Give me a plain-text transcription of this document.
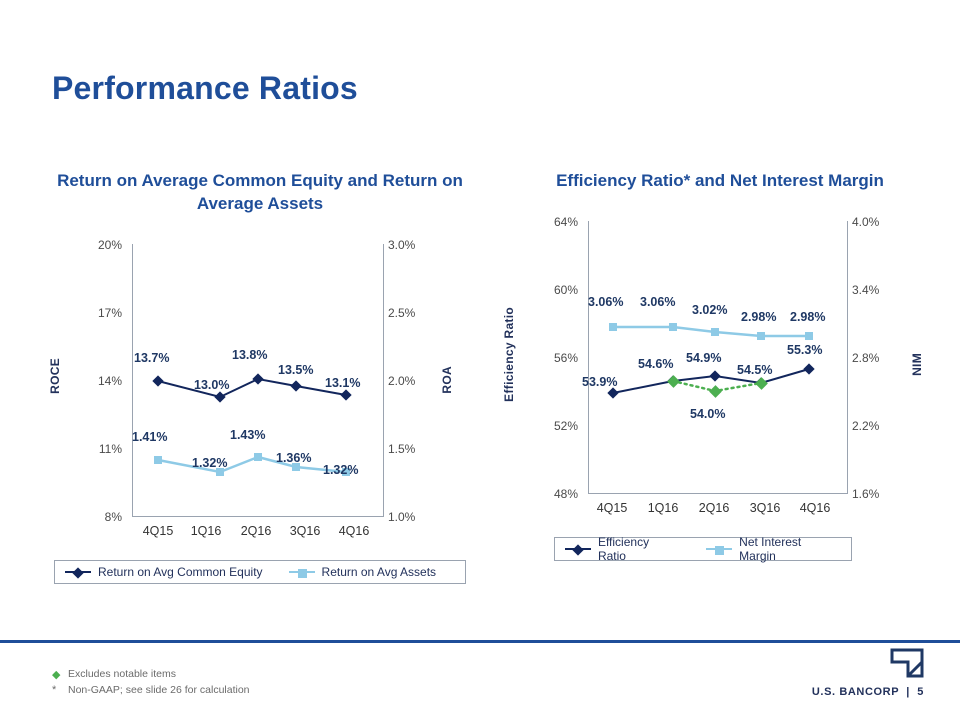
Performance Ratios
Return on Average Common Equity and Return on Average Assets
ROCE	ROA
20%
17%
14%
11%
8%
3.0%
2.5%
2.0%
1.5%
1.0%
13.7%
13.0%
13.8%
13.5%
13.1%
1.41%
1.32%
1.43%
1.36%
1.32%
4Q15	1Q16	2Q16	3Q16	4Q16
Return on Avg Common Equity	Return on Avg Assets
Efficiency Ratio* and Net Interest Margin
Efficiency Ratio	NIM
64%
60%
56%
52%
48%
4.0%
3.4%
2.8%
2.2%
1.6%
3.06% 3.06%
3.02% 2.98% 2.98%
53.9%
54.6% 54.9%
54.5%
55.3%
54.0%
4Q15	1Q16	2Q16	3Q16	4Q16
Efficiency Ratio
Net Interest Margin
◆ Excludes notable items
*	Non-GAAP; see slide 26 for calculation	U.S. BANCORP  |  5
